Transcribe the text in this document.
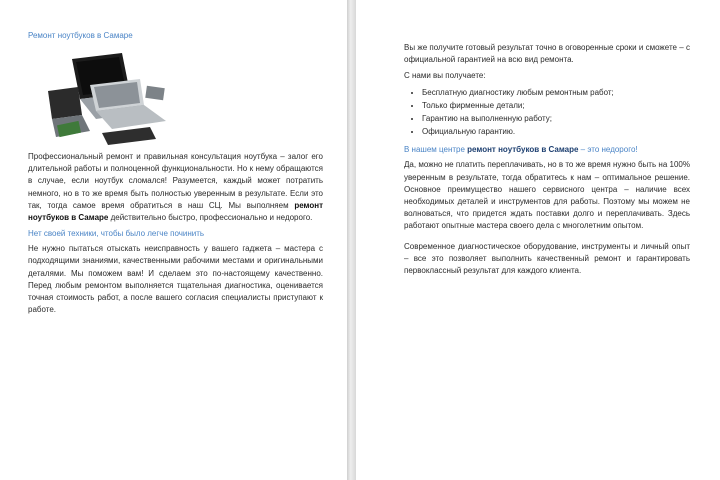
Ремонт ноутбуков в Самаре

Профессиональный ремонт и правильная консультация ноутбука – залог его длительной работы и полноценной функциональности. Но к нему обращаются в случае, если ноутбук сломался! Разумеется, каждый может потратить немного, но в то же время быть полностью уверенным в результате. Если это так, тогда самое время обратиться в наш СЦ. Мы выполняем ремонт ноутбуков в Самаре действительно быстро, профессионально и недорого.

Нет своей техники, чтобы было легче починить

Не нужно пытаться отыскать неисправность у вашего гаджета – мастера с подходящими знаниями, качественными рабочими местами и оригинальными деталями. Мы поможем вам! И сделаем это по-настоящему качественно. Перед любым ремонтом выполняется тщательная диагностика, оценивается точная стоимость работ, а после вашего согласия специалисты приступают к работе.

Вы же получите готовый результат точно в оговоренные сроки и сможете – с официальной гарантией на всю вид ремонта.

С нами вы получаете:
• Бесплатную диагностику любым ремонтным работ;
• Только фирменные детали;
• Гарантию на выполненную работу;
• Официальную гарантию.
В нашем центре ремонт ноутбуков в Самаре – это недорого!

Да, можно не платить переплачивать, но в то же время нужно быть на 100% уверенным в результате, тогда обратитесь к нам – оптимальное решение. Основное преимущество нашего сервисного центра – наличие всех необходимых деталей и инструментов для работы. Поэтому мы можем не волноваться, что придется ждать поставки долго и переплачивать. Здесь работают опытные мастера своего дела с многолетним опытом.

Современное диагностическое оборудование, инструменты и личный опыт – все это позволяет выполнить качественный ремонт и гарантировать первоклассный результат для каждого клиента.
